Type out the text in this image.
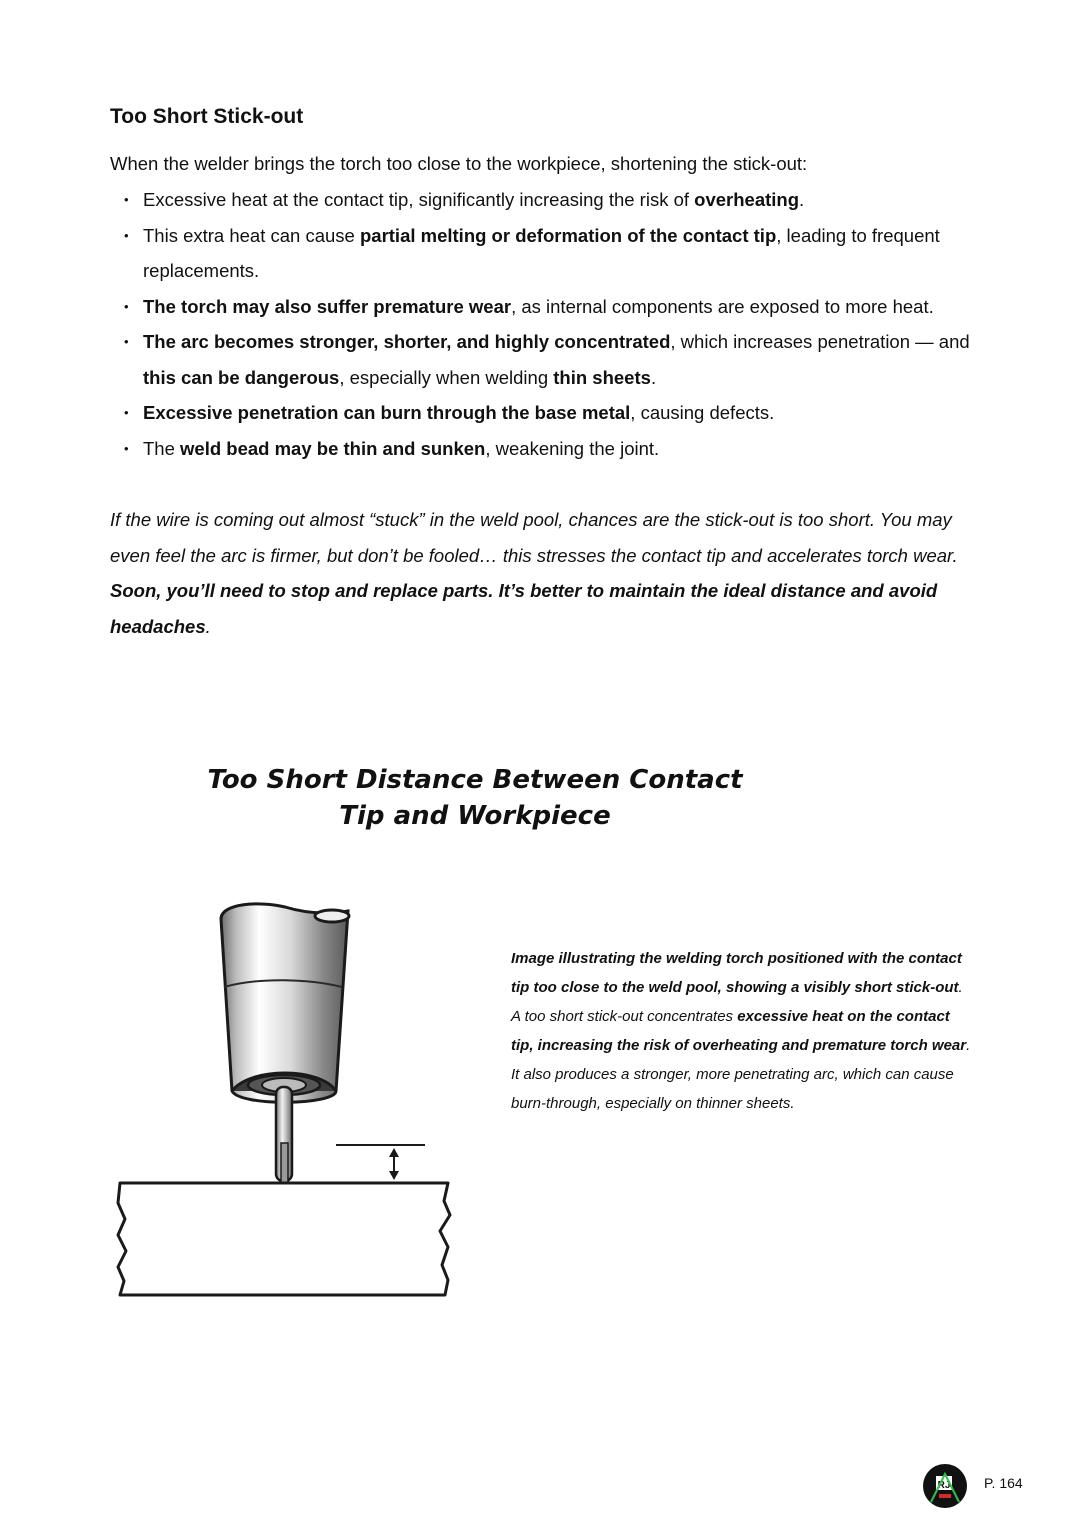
Too Short Stick-out

When the welder brings the torch too close to the workpiece, shortening the stick-out:

• Excessive heat at the contact tip, significantly increasing the risk of overheating.
• This extra heat can cause partial melting or deformation of the contact tip, leading to frequent replacements.
• The torch may also suffer premature wear, as internal components are exposed to more heat.
• The arc becomes stronger, shorter, and highly concentrated, which increases penetration — and this can be dangerous, especially when welding thin sheets.
• Excessive penetration can burn through the base metal, causing defects.
• The weld bead may be thin and sunken, weakening the joint.

If the wire is coming out almost “stuck” in the weld pool, chances are the stick-out is too short. You may even feel the arc is firmer, but don’t be fooled… this stresses the contact tip and accelerates torch wear. Soon, you’ll need to stop and replace parts. It’s better to maintain the ideal distance and avoid headaches.

Too Short Distance Between Contact
Tip and Workpiece

Image illustrating the welding torch positioned with the contact tip too close to the weld pool, showing a visibly short stick-out.
A too short stick-out concentrates excessive heat on the contact tip, increasing the risk of overheating and premature torch wear. It also produces a stronger, more penetrating arc, which can cause burn-through, especially on thinner sheets.

RJ P. 164
